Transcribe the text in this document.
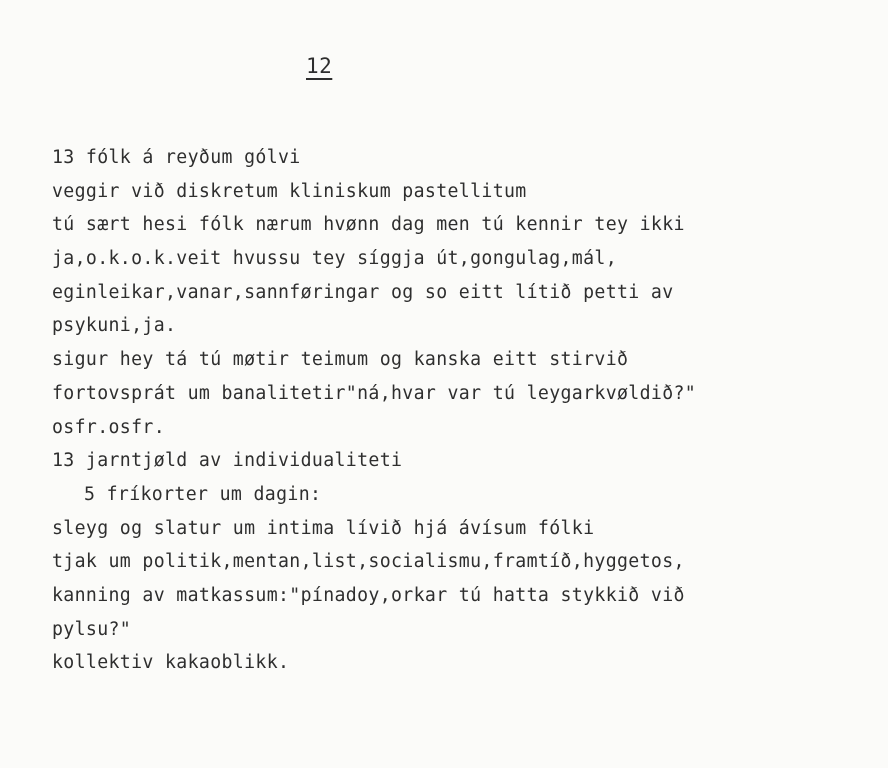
12
13 fólk á reyðum gólvi
veggir við diskretum kliniskum pastellitum
tú sært hesi fólk nærum hvønn dag men tú kennir tey ikki
ja,o.k.o.k.veit hvussu tey síggja út,gongulag,mál,
eginleikar,vanar,sannføringar og so eitt lítið petti av
psykuni,ja.
sigur hey tá tú møtir teimum og kanska eitt stirvið
fortovsprát um banalitetir"ná,hvar var tú leygarkvøldið?"
osfr.osfr.
13 jarntjøld av individualiteti
5 fríkorter um dagin:
sleyg og slatur um intima lívið hjá ávísum fólki
tjak um politik,mentan,list,socialismu,framtíð,hyggetos,
kanning av matkassum:"pínadoy,orkar tú hatta stykkið við
pylsu?"
kollektiv kakaoblikk.
